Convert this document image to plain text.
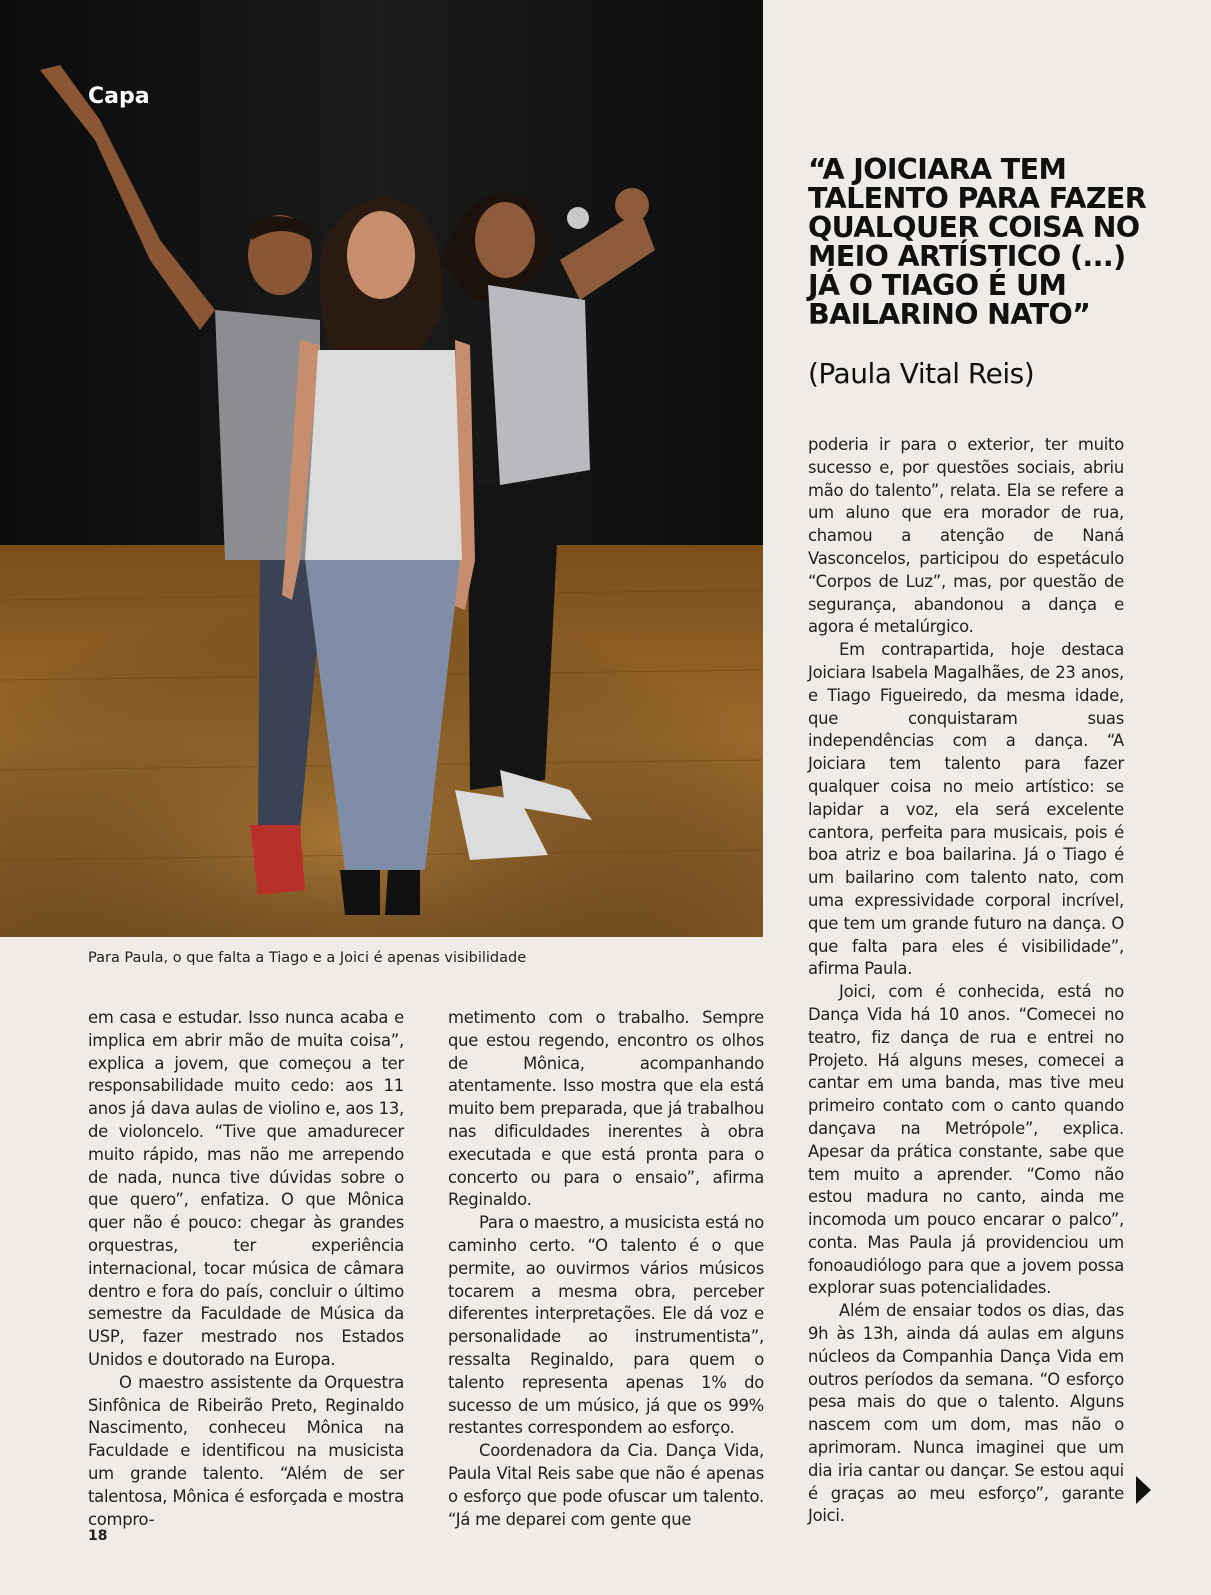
Capa
Para Paula, o que falta a Tiago e a Joici é apenas visibilidade
“A JOICIARA TEM TALENTO PARA FAZER QUALQUER COISA NO MEIO ARTÍSTICO (...) JÁ O TIAGO É UM BAILARINO NATO”
(Paula Vital Reis)

em casa e estudar. Isso nunca acaba e implica em abrir mão de muita coisa”, explica a jovem, que começou a ter responsabilidade muito cedo: aos 11 anos já dava aulas de violino e, aos 13, de violoncelo. “Tive que amadurecer muito rápido, mas não me arrependo de nada, nunca tive dúvidas sobre o que quero”, enfatiza. O que Mônica quer não é pouco: chegar às grandes orquestras, ter experiência internacional, tocar música de câmara dentro e fora do país, concluir o último semestre da Faculdade de Música da USP, fazer mestrado nos Estados Unidos e doutorado na Europa.

O maestro assistente da Orquestra Sinfônica de Ribeirão Preto, Reginaldo Nascimento, conheceu Mônica na Faculdade e identificou na musicista um grande talento. “Além de ser talentosa, Mônica é esforçada e mostra compro-

metimento com o trabalho. Sempre que estou regendo, encontro os olhos de Mônica, acompanhando atentamente. Isso mostra que ela está muito bem preparada, que já trabalhou nas dificuldades inerentes à obra executada e que está pronta para o concerto ou para o ensaio”, afirma Reginaldo.

Para o maestro, a musicista está no caminho certo. “O talento é o que permite, ao ouvirmos vários músicos tocarem a mesma obra, perceber diferentes interpretações. Ele dá voz e personalidade ao instrumentista”, ressalta Reginaldo, para quem o talento representa apenas 1% do sucesso de um músico, já que os 99% restantes correspondem ao esforço.

Coordenadora da Cia. Dança Vida, Paula Vital Reis sabe que não é apenas o esforço que pode ofuscar um talento. “Já me deparei com gente que

poderia ir para o exterior, ter muito sucesso e, por questões sociais, abriu mão do talento”, relata. Ela se refere a um aluno que era morador de rua, chamou a atenção de Naná Vasconcelos, participou do espetáculo “Corpos de Luz”, mas, por questão de segurança, abandonou a dança e agora é metalúrgico.

Em contrapartida, hoje destaca Joiciara Isabela Magalhães, de 23 anos, e Tiago Figueiredo, da mesma idade, que conquistaram suas independências com a dança. “A Joiciara tem talento para fazer qualquer coisa no meio artístico: se lapidar a voz, ela será excelente cantora, perfeita para musicais, pois é boa atriz e boa bailarina. Já o Tiago é um bailarino com talento nato, com uma expressividade corporal incrível, que tem um grande futuro na dança. O que falta para eles é visibilidade”, afirma Paula.

Joici, com é conhecida, está no Dança Vida há 10 anos. “Comecei no teatro, fiz dança de rua e entrei no Projeto. Há alguns meses, comecei a cantar em uma banda, mas tive meu primeiro contato com o canto quando dançava na Metrópole”, explica. Apesar da prática constante, sabe que tem muito a aprender. “Como não estou madura no canto, ainda me incomoda um pouco encarar o palco”, conta. Mas Paula já providenciou um fonoaudiólogo para que a jovem possa explorar suas potencialidades.

Além de ensaiar todos os dias, das 9h às 13h, ainda dá aulas em alguns núcleos da Companhia Dança Vida em outros períodos da semana. “O esforço pesa mais do que o talento. Alguns nascem com um dom, mas não o aprimoram. Nunca imaginei que um dia iria cantar ou dançar. Se estou aqui é graças ao meu esforço”, garante Joici.

18
